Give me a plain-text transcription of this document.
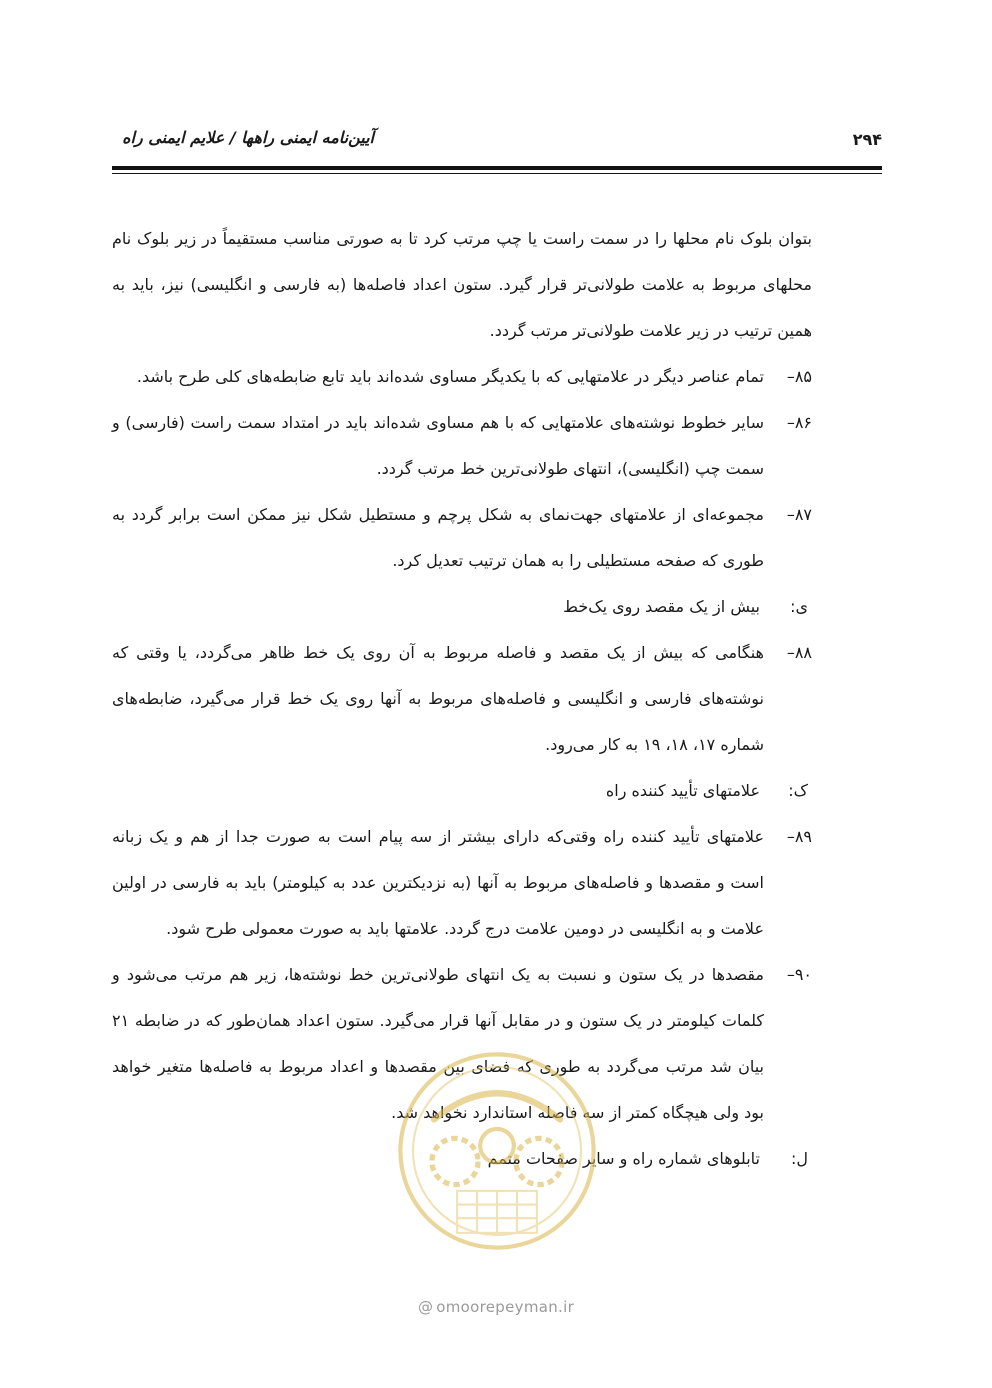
آیین‌نامه ایمنی راهها / علایم ایمنی راه	۲۹۴

بتوان بلوک نام محلها را در سمت راست یا چپ مرتب کرد تا به صورتی مناسب مستقیماً در زیر بلوک نام محلهای مربوط به علامت طولانی‌تر قرار گیرد. ستون اعداد فاصله‌ها (به فارسی و انگلیسی) نیز، باید به همین ترتیب در زیر علامت طولانی‌تر مرتب گردد.

۸۵–
تمام عناصر دیگر در علامتهایی که با یکدیگر مساوی شده‌اند باید تابع ضابطه‌های کلی طرح باشد.
۸۶–
سایر خطوط نوشته‌های علامتهایی که با هم مساوی شده‌اند باید در امتداد سمت راست (فارسی) و سمت چپ (انگلیسی)، انتهای طولانی‌ترین خط مرتب گردد.
۸۷–
مجموعه‌ای از علامتهای جهت‌نمای به شکل پرچم و مستطیل شکل نیز ممکن است برابر گردد به طوری که صفحه مستطیلی را به همان ترتیب تعدیل کرد.
ی:
بیش از یک مقصد روی یک‌خط
۸۸–
هنگامی که بیش از یک مقصد و فاصله مربوط به آن روی یک خط ظاهر می‌گردد، یا وقتی که نوشته‌های فارسی و انگلیسی و فاصله‌های مربوط به آنها روی یک خط قرار می‌گیرد، ضابطه‌های شماره ۱۷، ۱۸، ۱۹ به کار می‌رود.
ک:
علامتهای تأیید کننده راه
۸۹–
علامتهای تأیید کننده راه وقتی‌که دارای بیشتر از سه پیام است به صورت جدا از هم و یک زبانه است و مقصدها و فاصله‌های مربوط به آنها (به نزدیکترین عدد به کیلومتر) باید به فارسی در اولین علامت و به انگلیسی در دومین علامت درج گردد. علامتها باید به صورت معمولی طرح شود.
۹۰–
مقصدها در یک ستون و نسبت به یک انتهای طولانی‌ترین خط نوشته‌ها، زیر هم مرتب می‌شود و کلمات کیلومتر در یک ستون و در مقابل آنها قرار می‌گیرد. ستون اعداد همان‌طور که در ضابطه ۲۱ بیان شد مرتب می‌گردد به طوری که فضای بین مقصدها و اعداد مربوط به فاصله‌ها متغیر خواهد بود ولی هیچگاه کمتر از سه فاصله استاندارد نخواهد شد.
ل:
تابلوهای شماره راه و سایر صفحات متمم
@ omoorepeyman.ir
